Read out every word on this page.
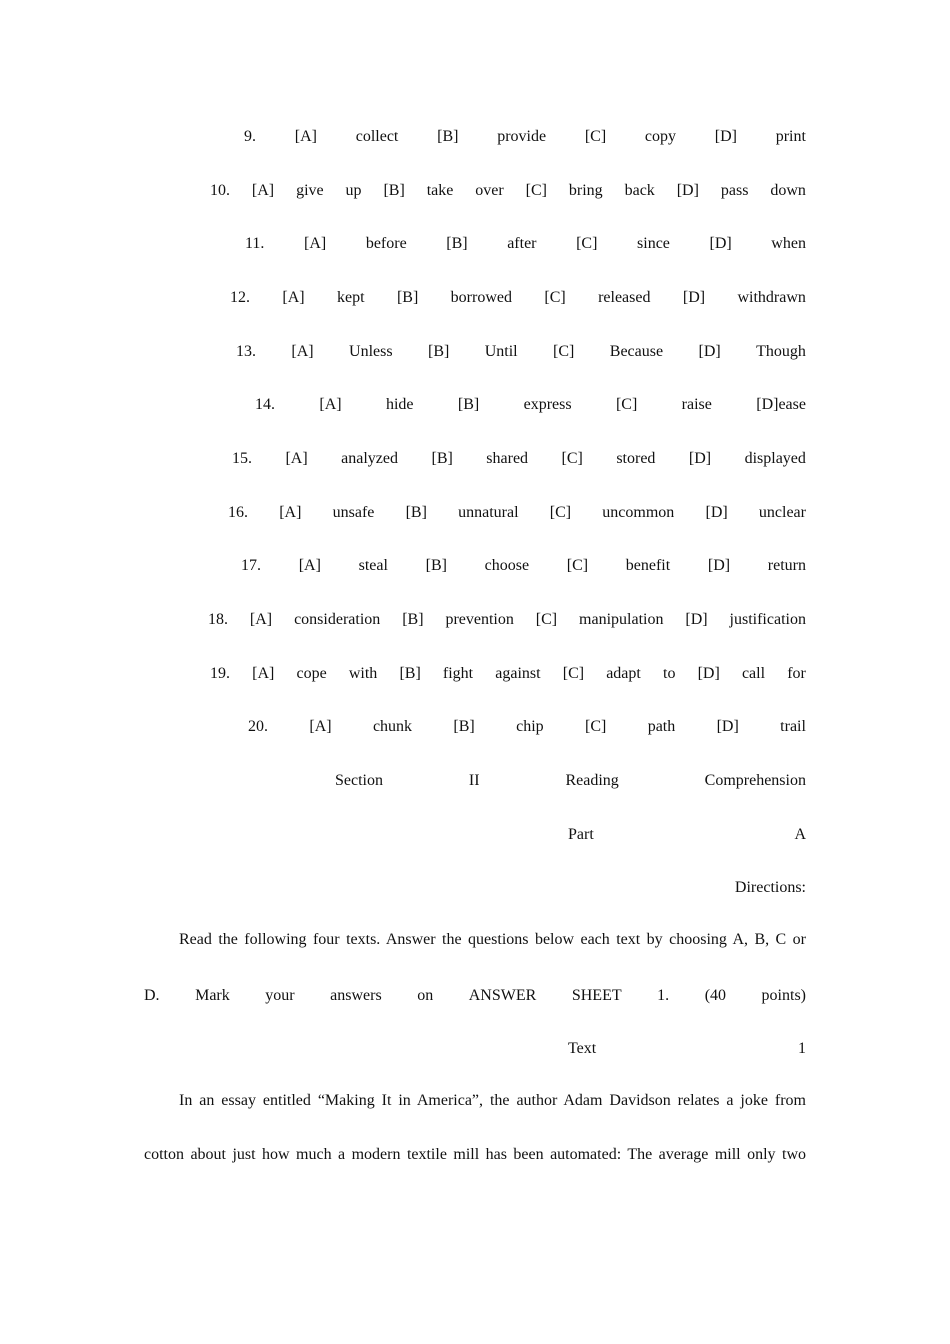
9. [A] collect [B] provide [C] copy [D] print
10. [A] give up [B] take over [C] bring back [D] pass down
11. [A] before [B] after [C] since [D] when
12. [A] kept [B] borrowed [C] released [D] withdrawn
13. [A] Unless [B] Until [C] Because [D] Though
14.	[A]	hide	[B]	express	[C]	raise	[D]ease
15. [A] analyzed [B] shared [C] stored [D] displayed
16. [A] unsafe [B] unnatural [C] uncommon [D] unclear
17. [A] steal [B] choose [C] benefit [D] return
18. [A] consideration [B] prevention [C] manipulation [D] justification
19. [A] cope with [B] fight against [C] adapt to [D] call for
20.	[A]	chunk	[B]	chip	[C]	path	[D]	trail
Section	II	Reading	Comprehension
Part	A
Directions:
Read the following four texts. Answer the questions below each text by choosing A, B, C or
D. Mark your answers on ANSWER SHEET 1. (40 points)
Text	1
In an essay entitled “Making It in America”, the author Adam Davidson relates a joke from
cotton about just how much a modern textile mill has been automated: The average mill only two
